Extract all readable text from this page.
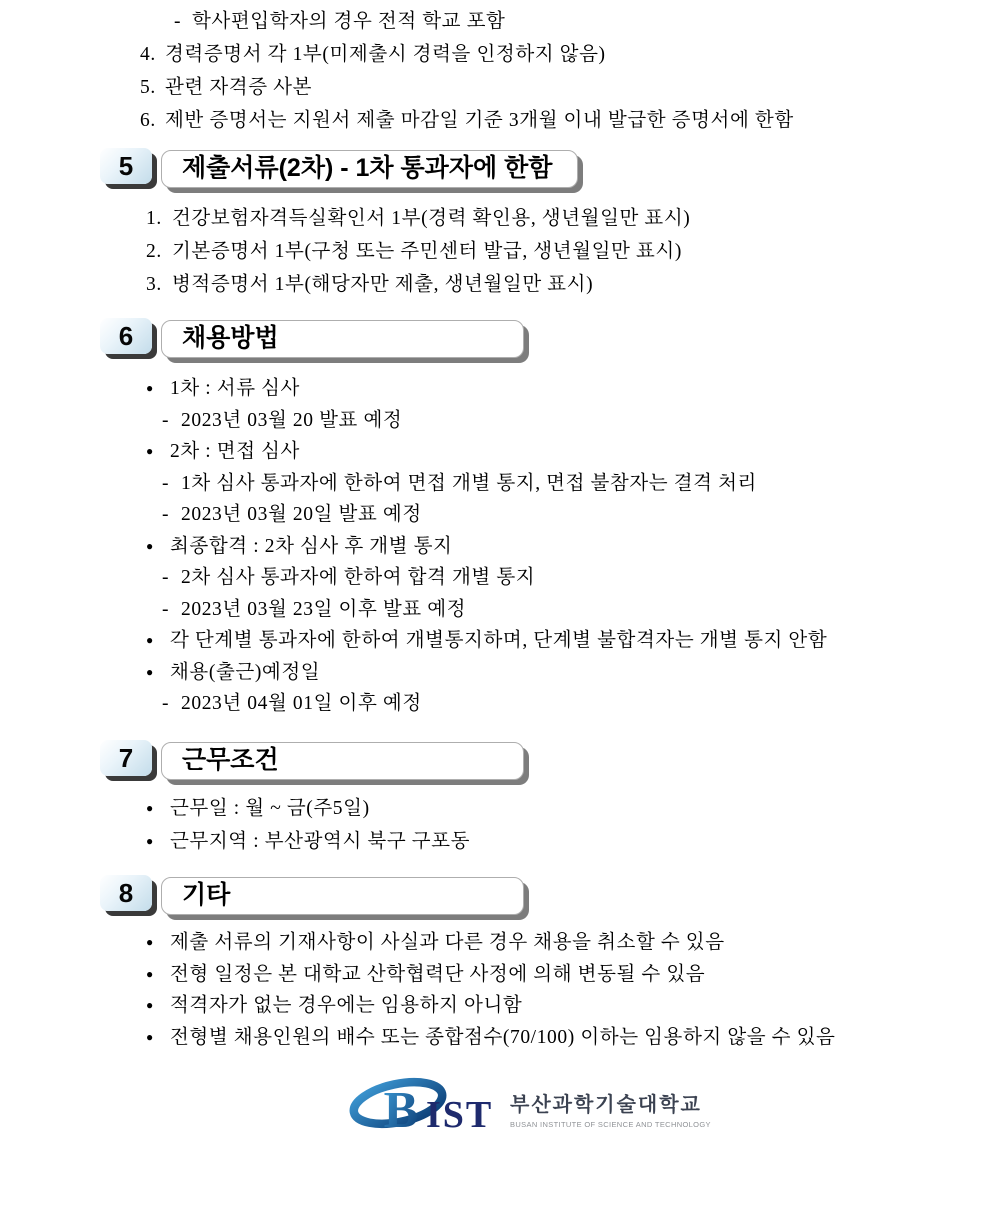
- 학사편입학자의 경우 전적 학교 포함
4. 경력증명서 각 1부(미제출시 경력을 인정하지 않음)
5. 관련 자격증 사본
6. 제반 증명서는 지원서 제출 마감일 기준 3개월 이내 발급한 증명서에 한함
5	제출서류(2차) - 1차 통과자에 한함
1. 건강보험자격득실확인서 1부(경력 확인용, 생년월일만 표시)
2. 기본증명서 1부(구청 또는 주민센터 발급, 생년월일만 표시)
3. 병적증명서 1부(해당자만 제출, 생년월일만 표시)
6	채용방법
● 1차 : 서류 심사
- 2023년 03월 20 발표 예정
● 2차 : 면접 심사
- 1차 심사 통과자에 한하여 면접 개별 통지, 면접 불참자는 결격 처리
- 2023년 03월 20일 발표 예정
● 최종합격 : 2차 심사 후 개별 통지
- 2차 심사 통과자에 한하여 합격 개별 통지
- 2023년 03월 23일 이후 발표 예정
● 각 단계별 통과자에 한하여 개별통지하며, 단계별 불합격자는 개별 통지 안함
● 채용(출근)예정일
- 2023년 04월 01일 이후 예정
7	근무조건
● 근무일 : 월 ~ 금(주5일)
● 근무지역 : 부산광역시 북구 구포동
8	기타
● 제출 서류의 기재사항이 사실과 다른 경우 채용을 취소할 수 있음
● 전형 일정은 본 대학교 산학협력단 사정에 의해 변동될 수 있음
● 적격자가 없는 경우에는 임용하지 아니함
● 전형별 채용인원의 배수 또는 종합점수(70/100) 이하는 임용하지 않을 수 있음
B IST 부산과학기술대학교
BUSAN INSTITUTE OF SCIENCE AND TECHNOLOGY
